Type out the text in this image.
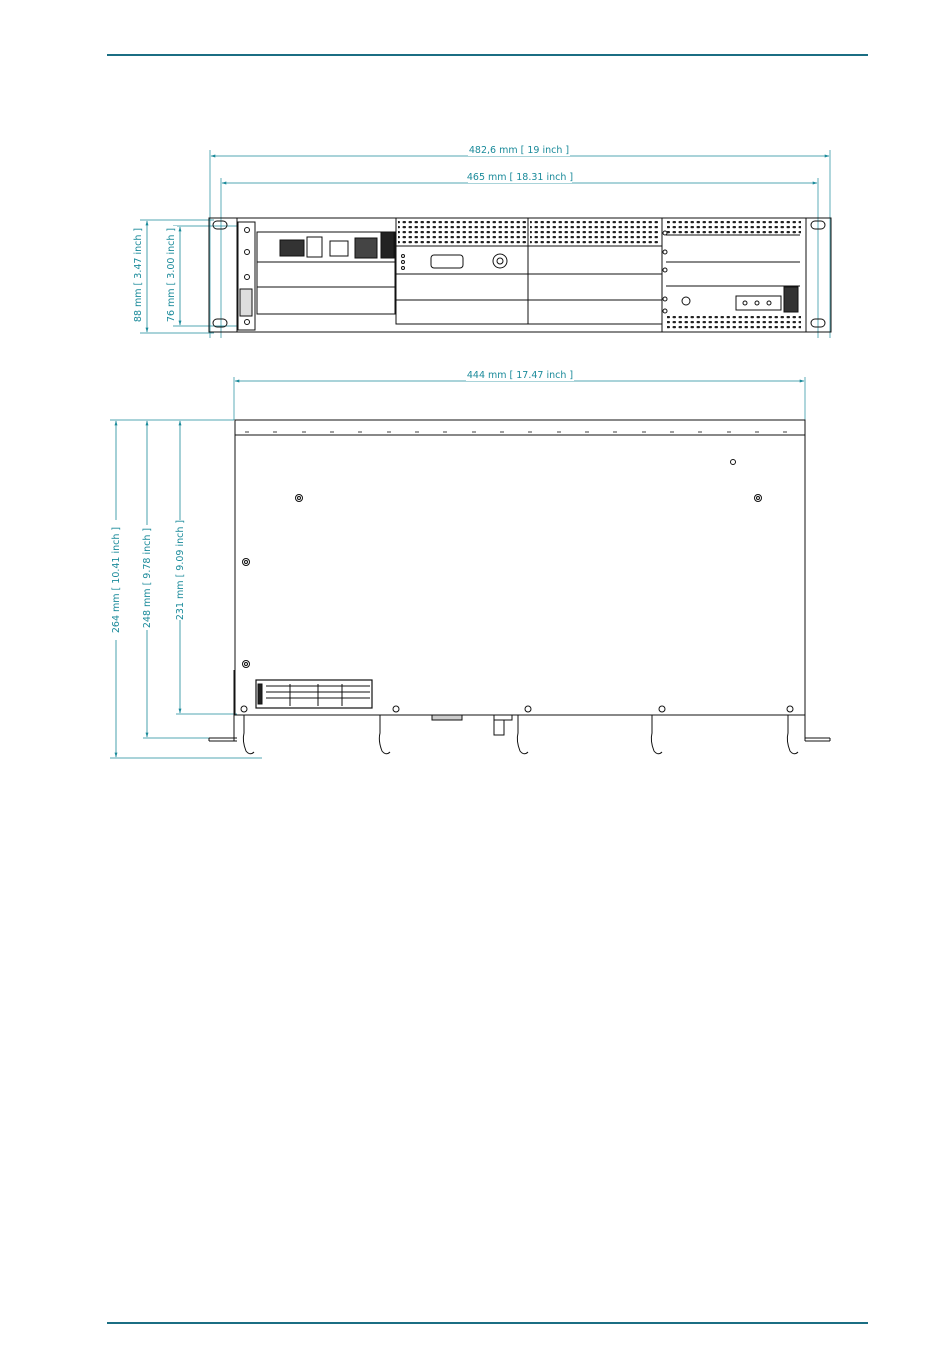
482,6 mm [ 19 inch ]
465 mm [ 18.31 inch ]
444 mm [ 17.47 inch ]
88 mm [ 3.47 inch ] 76 mm [ 3.00 inch ]
264 mm [ 10.41 inch ] 248 mm [ 9.78 inch ] 231 mm [ 9.09 inch ]
